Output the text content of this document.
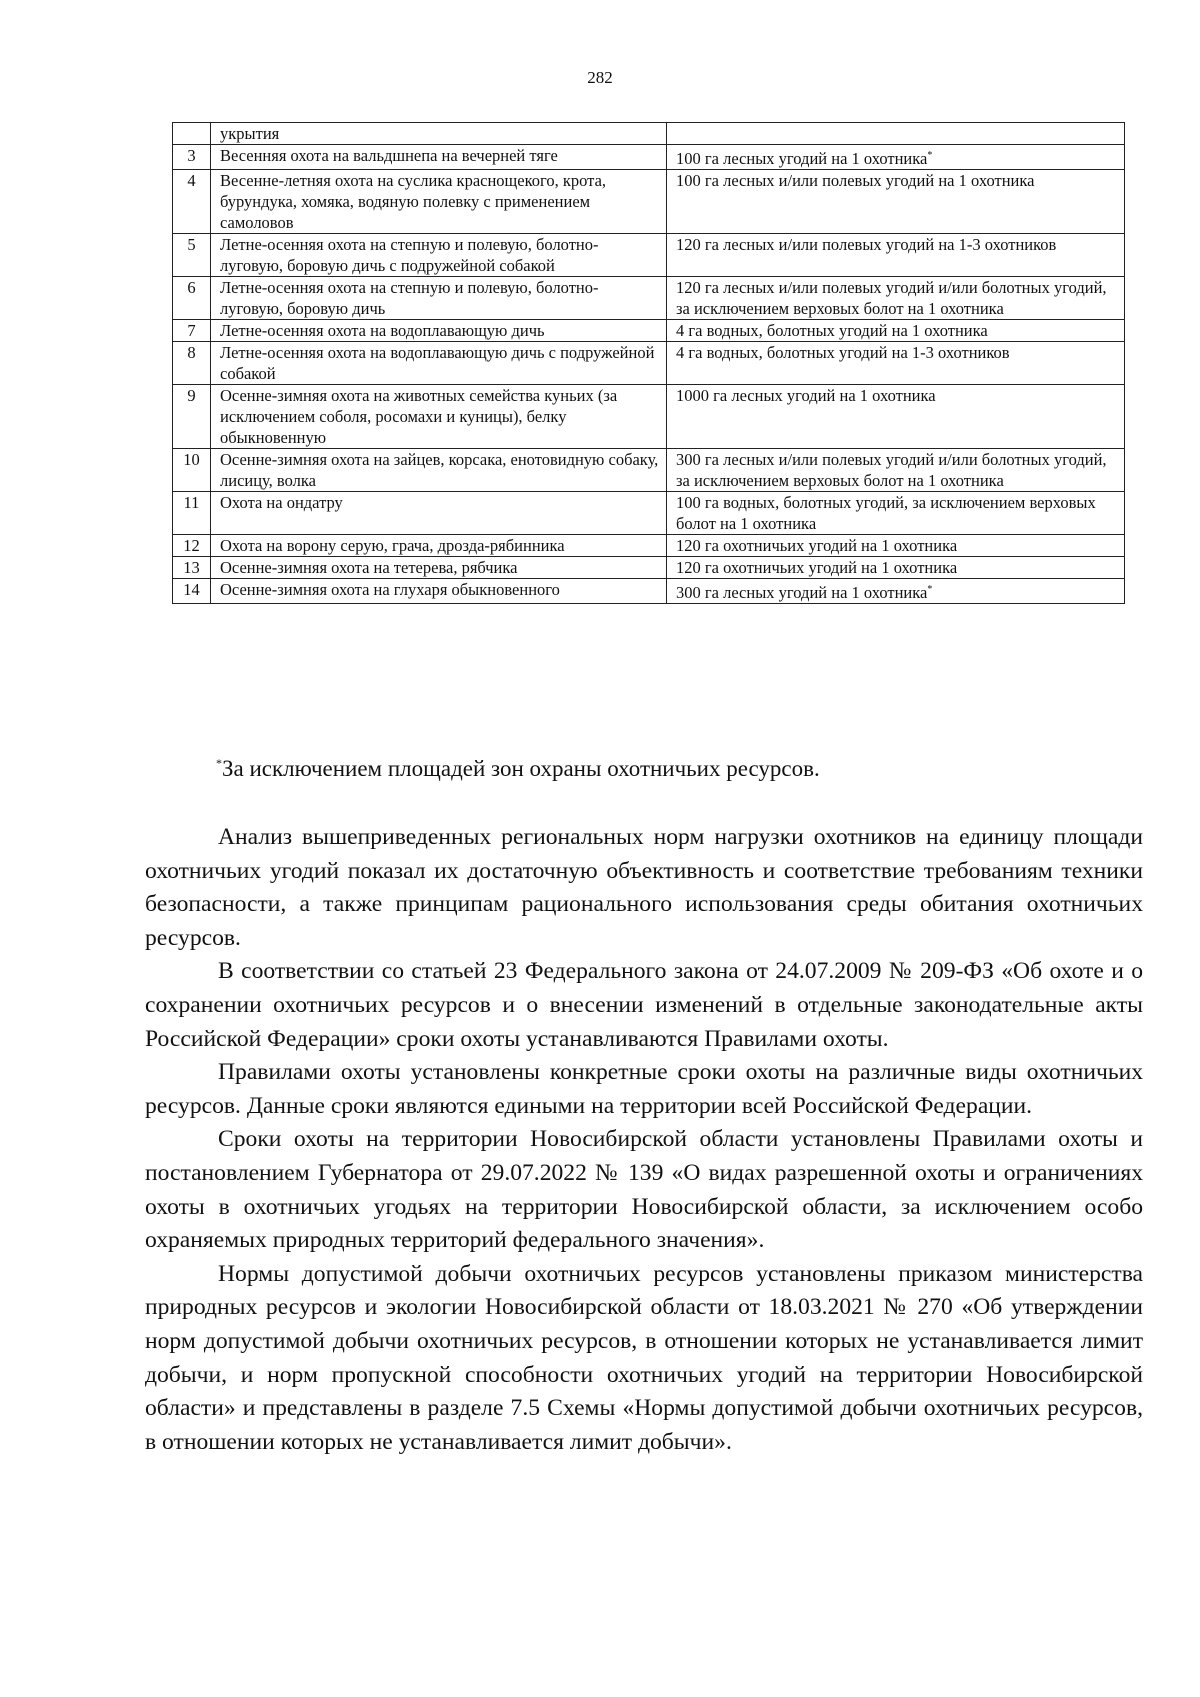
282
	укрытия	
3	Весенняя охота на вальдшнепа на вечерней тяге	100 га лесных угодий на 1 охотника*
4	Весенне-летняя охота на суслика краснощекого, крота, бурундука, хомяка, водяную полевку с применением самоловов	100 га лесных и/или полевых угодий на 1 охотника
5	Летне-осенняя охота на степную и полевую, болотно-луговую, боровую дичь с подружейной собакой	120 га лесных и/или полевых угодий на 1-3 охотников
6	Летне-осенняя охота на степную и полевую, болотно-луговую, боровую дичь	120 га лесных и/или полевых угодий и/или болотных угодий, за исключением верховых болот на 1 охотника
7	Летне-осенняя охота на водоплавающую дичь	4 га водных, болотных угодий на 1 охотника
8	Летне-осенняя охота на водоплавающую дичь с подружейной собакой	4 га водных, болотных угодий на 1-3 охотников
9	Осенне-зимняя охота на животных семейства куньих (за исключением соболя, росомахи и куницы), белку обыкновенную	1000 га лесных угодий на 1 охотника
10	Осенне-зимняя охота на зайцев, корсака, енотовидную собаку, лисицу, волка	300 га лесных и/или полевых угодий и/или болотных угодий, за исключением верховых болот на 1 охотника
11	Охота на ондатру	100 га водных, болотных угодий, за исключением верховых болот на 1 охотника
12	Охота на ворону серую, грача, дрозда-рябинника	120 га охотничьих угодий на 1 охотника
13	Осенне-зимняя охота на тетерева, рябчика	120 га охотничьих угодий на 1 охотника
14	Осенне-зимняя охота на глухаря обыкновенного	300 га лесных угодий на 1 охотника*
*За исключением площадей зон охраны охотничьих ресурсов.

Анализ вышеприведенных региональных норм нагрузки охотников на единицу площади охотничьих угодий показал их достаточную объективность и соответствие требованиям техники безопасности, а также принципам рационального использования среды обитания охотничьих ресурсов.

В соответствии со статьей 23 Федерального закона от 24.07.2009 № 209-ФЗ «Об охоте и о сохранении охотничьих ресурсов и о внесении изменений в отдельные законодательные акты Российской Федерации» сроки охоты устанавливаются Правилами охоты.

Правилами охоты установлены конкретные сроки охоты на различные виды охотничьих ресурсов. Данные сроки являются едиными на территории всей Российской Федерации.

Сроки охоты на территории Новосибирской области установлены Правилами охоты и постановлением Губернатора от 29.07.2022 № 139 «О видах разрешенной охоты и ограничениях охоты в охотничьих угодьях на территории Новосибирской области, за исключением особо охраняемых природных территорий федерального значения».

Нормы допустимой добычи охотничьих ресурсов установлены приказом министерства природных ресурсов и экологии Новосибирской области от 18.03.2021 № 270 «Об утверждении норм допустимой добычи охотничьих ресурсов, в отношении которых не устанавливается лимит добычи, и норм пропускной способности охотничьих угодий на территории Новосибирской области» и представлены в разделе 7.5 Схемы «Нормы допустимой добычи охотничьих ресурсов, в отношении которых не устанавливается лимит добычи».
